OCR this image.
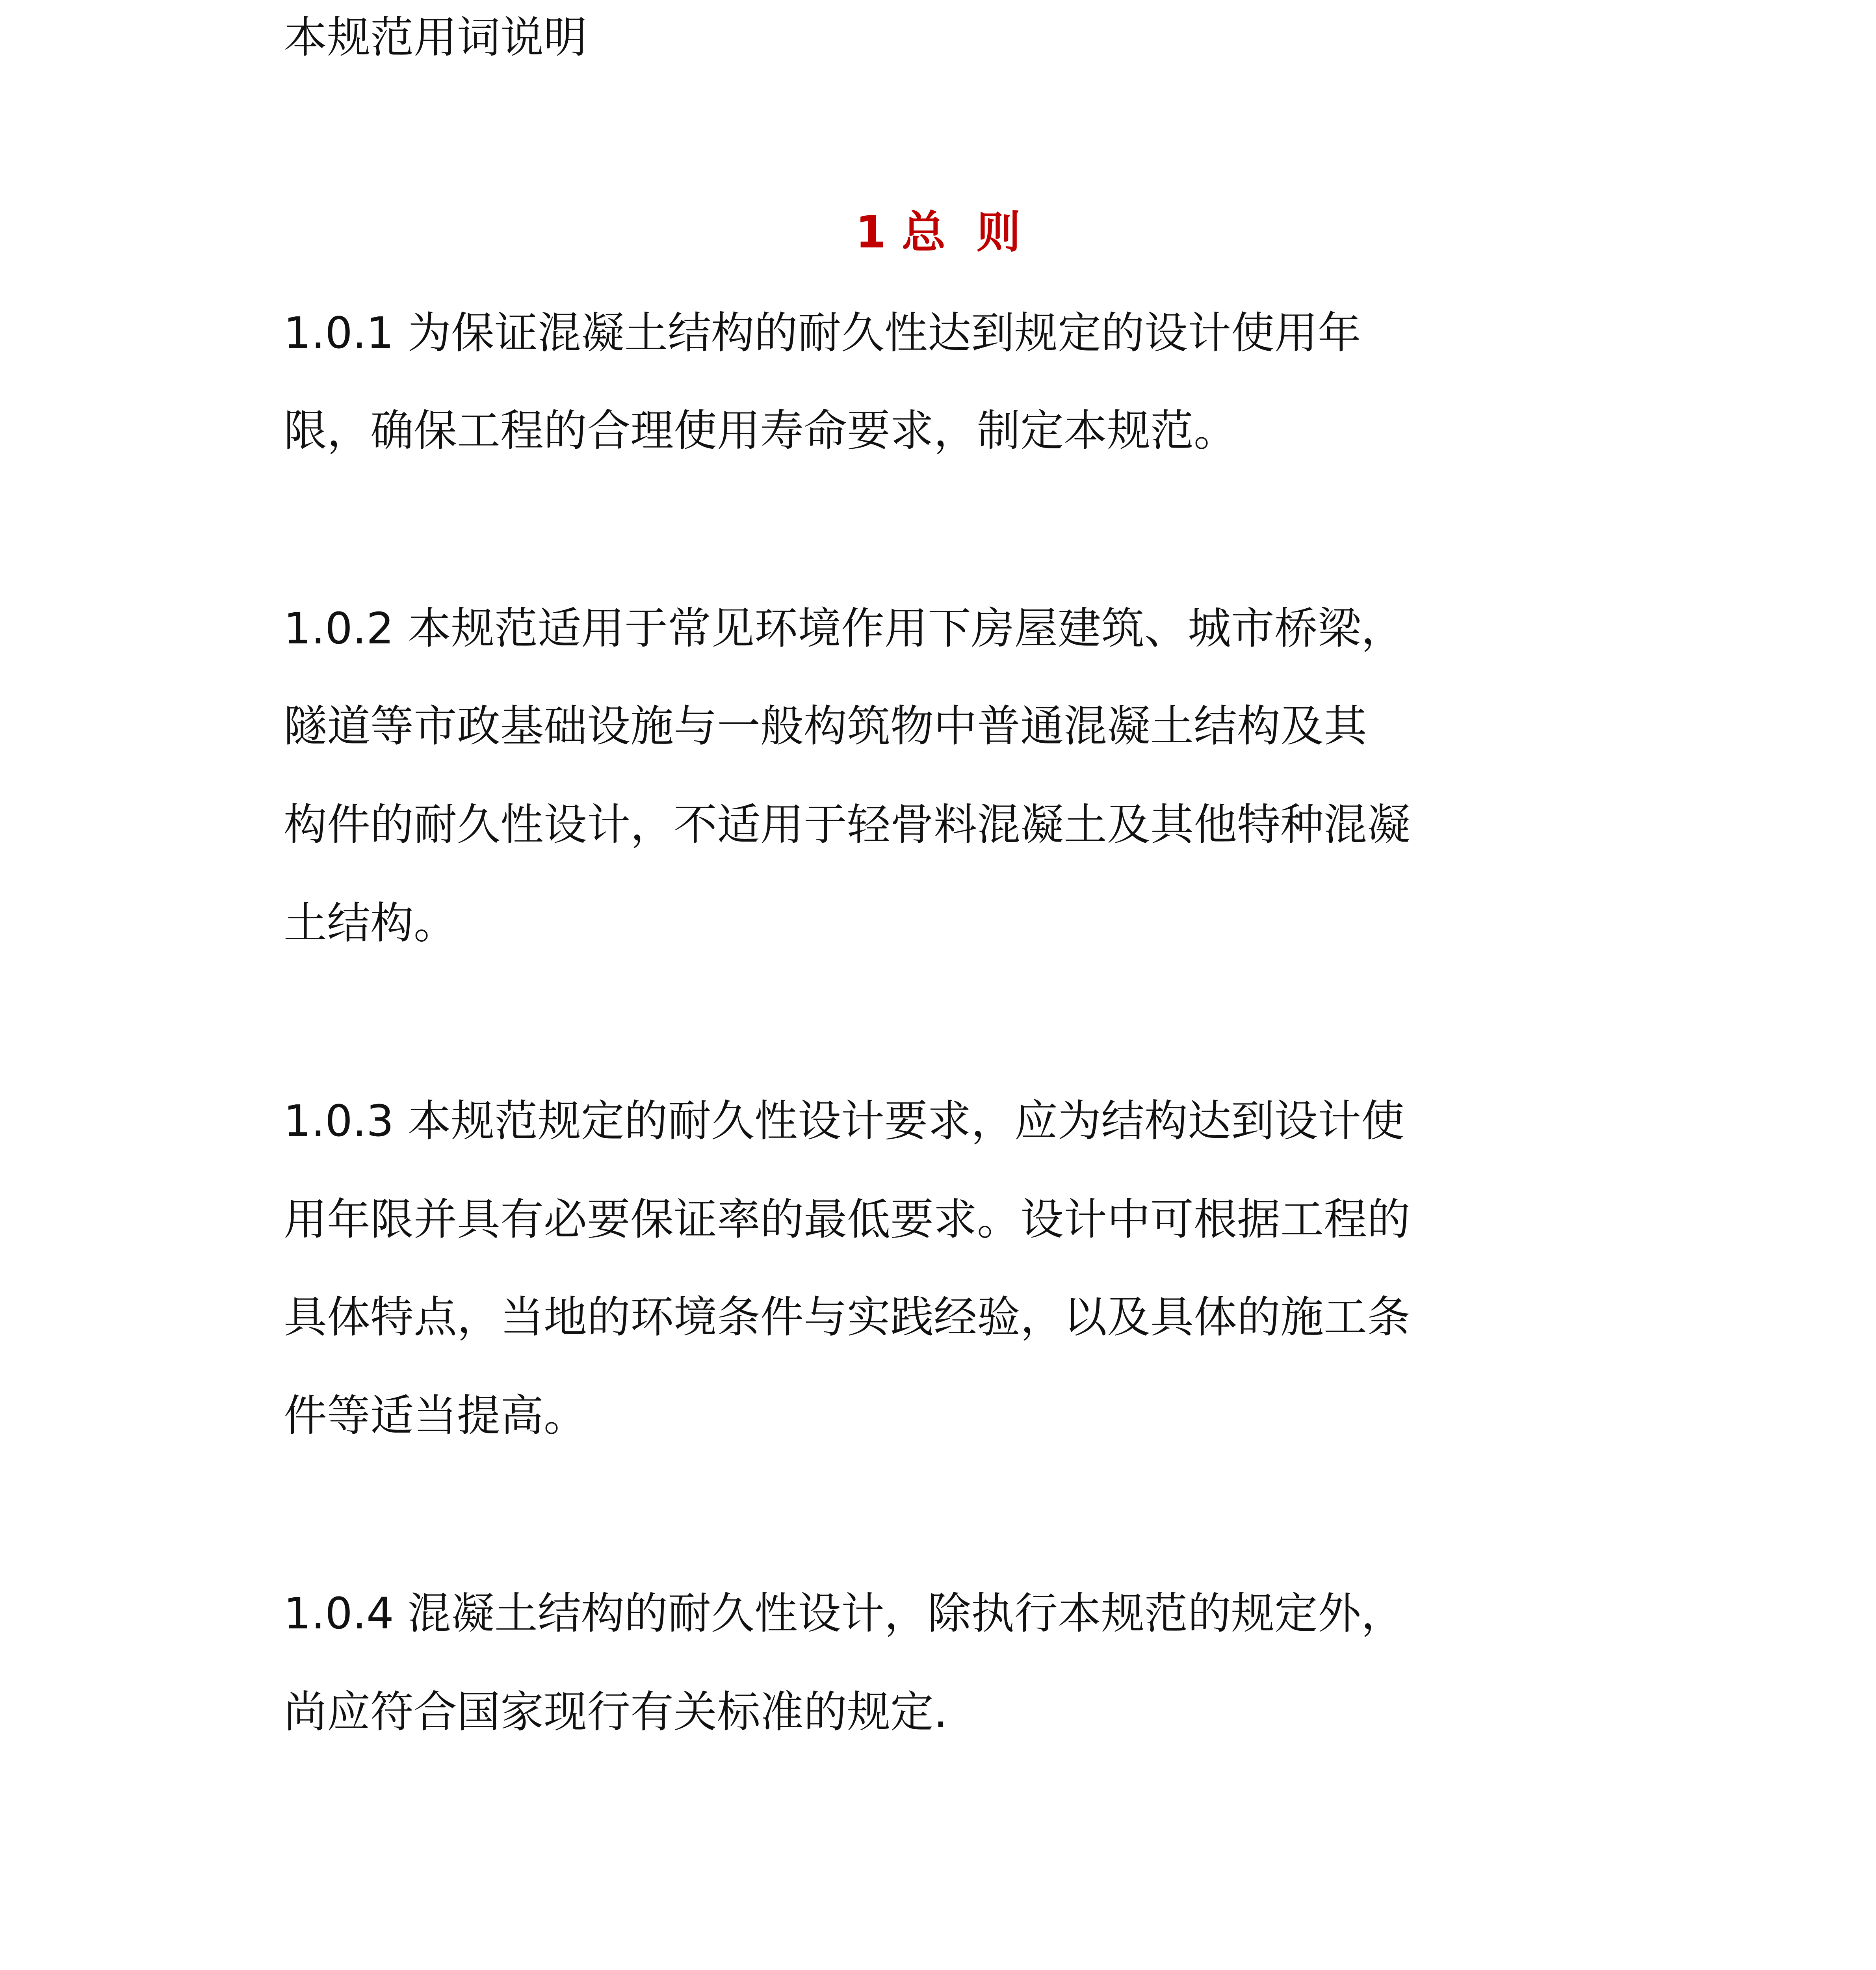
本规范用词说明
1 总  则
1.0.1 为保证混凝土结构的耐久性达到规定的设计使用年
限，确保工程的合理使用寿命要求，制定本规范。
1.0.2 本规范适用于常见环境作用下房屋建筑、城市桥梁，
隧道等市政基础设施与一般构筑物中普通混凝土结构及其
构件的耐久性设计，不适用于轻骨料混凝土及其他特种混凝
土结构。
1.0.3 本规范规定的耐久性设计要求，应为结构达到设计使
用年限并具有必要保证率的最低要求。设计中可根据工程的
具体特点，当地的环境条件与实践经验，以及具体的施工条
件等适当提高。
1.0.4 混凝土结构的耐久性设计，除执行本规范的规定外，
尚应符合国家现行有关标准的规定.
